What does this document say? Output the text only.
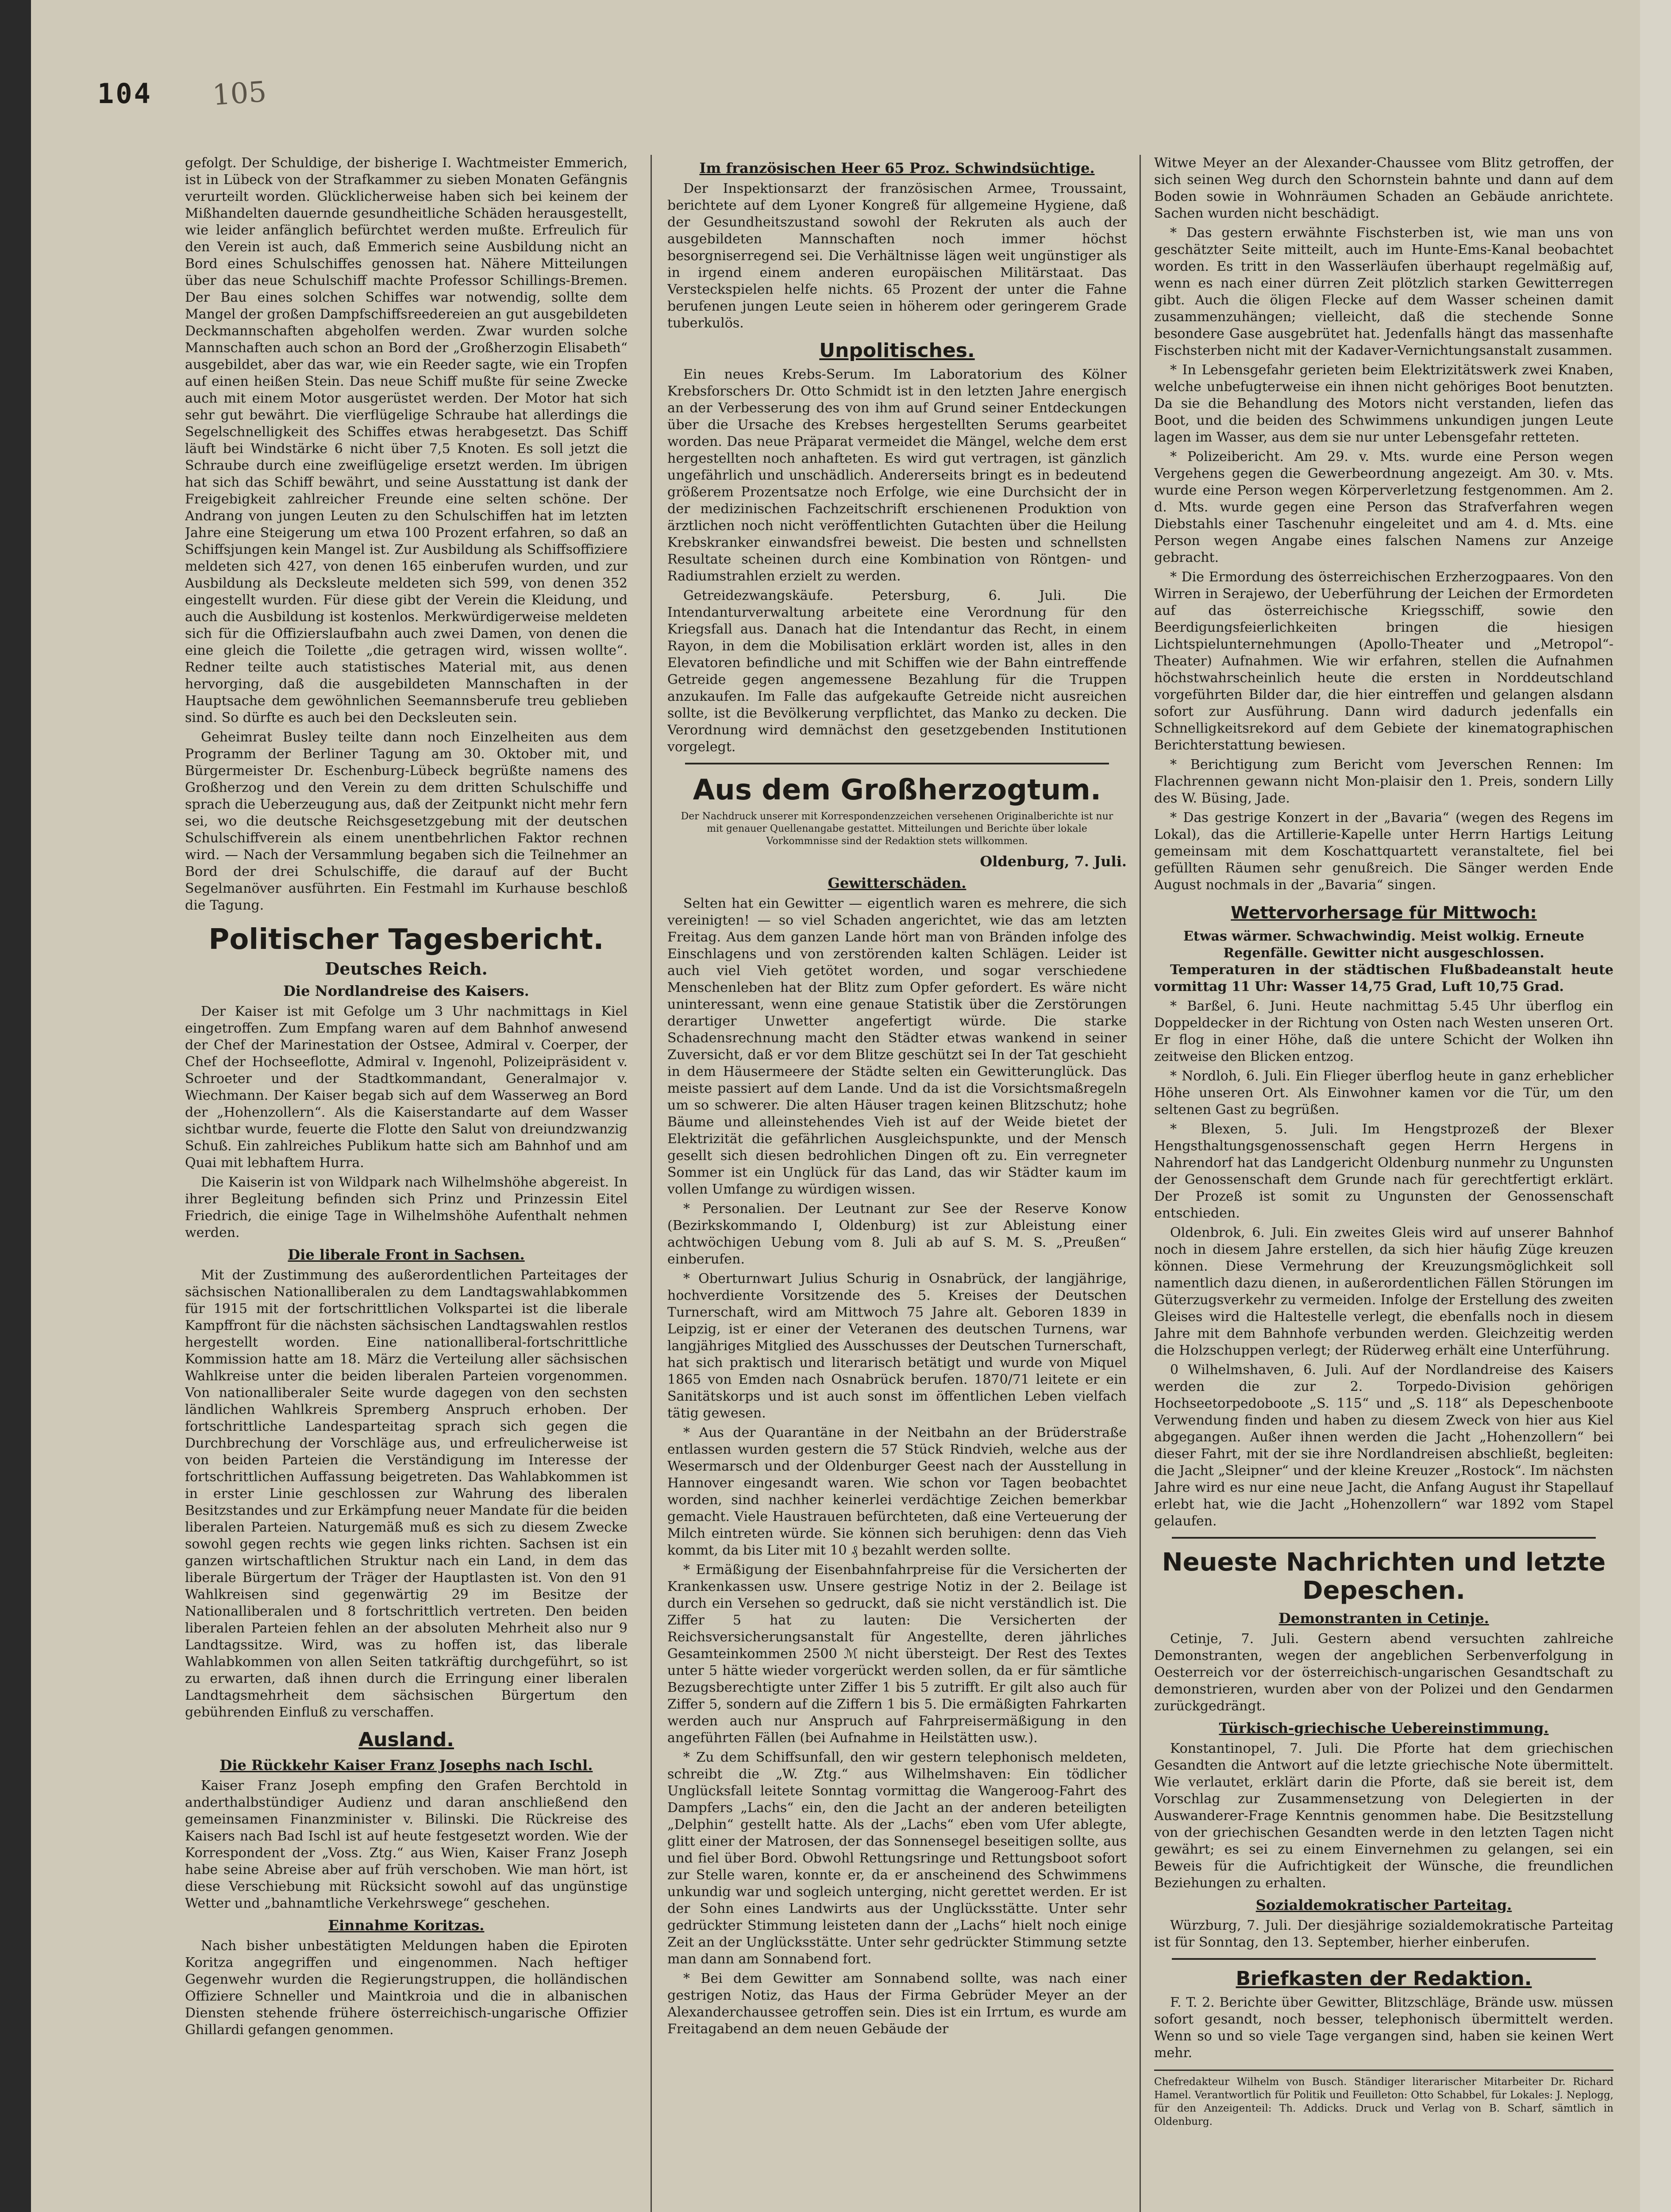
104 105

gefolgt. Der Schuldige, der bisherige I. Wachtmeister Emmerich, ist in Lübeck von der Strafkammer zu sieben Monaten Gefängnis verurteilt worden. Glücklicherweise haben sich bei keinem der Mißhandelten dauernde gesundheitliche Schäden herausgestellt, wie leider anfänglich befürchtet werden mußte. Erfreulich für den Verein ist auch, daß Emmerich seine Ausbildung nicht an Bord eines Schulschiffes genossen hat. Nähere Mitteilungen über das neue Schulschiff machte Professor Schillings-Bremen. Der Bau eines solchen Schiffes war notwendig, sollte dem Mangel der großen Dampfschiffsreedereien an gut ausgebildeten Deckmannschaften abgeholfen werden. Zwar wurden solche Mannschaften auch schon an Bord der „Großherzogin Elisabeth“ ausgebildet, aber das war, wie ein Reeder sagte, wie ein Tropfen auf einen heißen Stein. Das neue Schiff mußte für seine Zwecke auch mit einem Motor ausgerüstet werden. Der Motor hat sich sehr gut bewährt. Die vierflügelige Schraube hat allerdings die Segelschnelligkeit des Schiffes etwas herabgesetzt. Das Schiff läuft bei Windstärke 6 nicht über 7,5 Knoten. Es soll jetzt die Schraube durch eine zweiflügelige ersetzt werden. Im übrigen hat sich das Schiff bewährt, und seine Ausstattung ist dank der Freigebigkeit zahlreicher Freunde eine selten schöne. Der Andrang von jungen Leuten zu den Schulschiffen hat im letzten Jahre eine Steigerung um etwa 100 Prozent erfahren, so daß an Schiffsjungen kein Mangel ist. Zur Ausbildung als Schiffsoffiziere meldeten sich 427, von denen 165 einberufen wurden, und zur Ausbildung als Decksleute meldeten sich 599, von denen 352 eingestellt wurden. Für diese gibt der Verein die Kleidung, und auch die Ausbildung ist kostenlos. Merkwürdigerweise meldeten sich für die Offizierslaufbahn auch zwei Damen, von denen die eine gleich die Toilette „die getragen wird, wissen wollte“. Redner teilte auch statistisches Material mit, aus denen hervorging, daß die ausgebildeten Mannschaften in der Hauptsache dem gewöhnlichen Seemannsberufe treu geblieben sind. So dürfte es auch bei den Decksleuten sein.

Geheimrat Busley teilte dann noch Einzelheiten aus dem Programm der Berliner Tagung am 30. Oktober mit, und Bürgermeister Dr. Eschenburg-Lübeck begrüßte namens des Großherzog und den Verein zu dem dritten Schulschiffe und sprach die Ueberzeugung aus, daß der Zeitpunkt nicht mehr fern sei, wo die deutsche Reichsgesetzgebung mit der deutschen Schulschiffverein als einem unentbehrlichen Faktor rechnen wird. — Nach der Versammlung begaben sich die Teilnehmer an Bord der drei Schulschiffe, die darauf auf der Bucht Segelmanöver ausführten. Ein Festmahl im Kurhause beschloß die Tagung.

Politischer Tagesbericht.
Deutsches Reich.
Die Nordlandreise des Kaisers.

Der Kaiser ist mit Gefolge um 3 Uhr nachmittags in Kiel eingetroffen. Zum Empfang waren auf dem Bahnhof anwesend der Chef der Marinestation der Ostsee, Admiral v. Coerper, der Chef der Hochseeflotte, Admiral v. Ingenohl, Polizeipräsident v. Schroeter und der Stadtkommandant, Generalmajor v. Wiechmann. Der Kaiser begab sich auf dem Wasserweg an Bord der „Hohenzollern“. Als die Kaiserstandarte auf dem Wasser sichtbar wurde, feuerte die Flotte den Salut von dreiundzwanzig Schuß. Ein zahlreiches Publikum hatte sich am Bahnhof und am Quai mit lebhaftem Hurra.

Die Kaiserin ist von Wildpark nach Wilhelmshöhe abgereist. In ihrer Begleitung befinden sich Prinz und Prinzessin Eitel Friedrich, die einige Tage in Wilhelmshöhe Aufenthalt nehmen werden.

Die liberale Front in Sachsen.

Mit der Zustimmung des außerordentlichen Parteitages der sächsischen Nationalliberalen zu dem Landtagswahlabkommen für 1915 mit der fortschrittlichen Volkspartei ist die liberale Kampffront für die nächsten sächsischen Landtagswahlen restlos hergestellt worden. Eine nationalliberal-fortschrittliche Kommission hatte am 18. März die Verteilung aller sächsischen Wahlkreise unter die beiden liberalen Parteien vorgenommen. Von nationalliberaler Seite wurde dagegen von den sechsten ländlichen Wahlkreis Spremberg Anspruch erhoben. Der fortschrittliche Landesparteitag sprach sich gegen die Durchbrechung der Vorschläge aus, und erfreulicherweise ist von beiden Parteien die Verständigung im Interesse der fortschrittlichen Auffassung beigetreten. Das Wahlabkommen ist in erster Linie geschlossen zur Wahrung des liberalen Besitzstandes und zur Erkämpfung neuer Mandate für die beiden liberalen Parteien. Naturgemäß muß es sich zu diesem Zwecke sowohl gegen rechts wie gegen links richten. Sachsen ist ein ganzen wirtschaftlichen Struktur nach ein Land, in dem das liberale Bürgertum der Träger der Hauptlasten ist. Von den 91 Wahlkreisen sind gegenwärtig 29 im Besitze der Nationalliberalen und 8 fortschrittlich vertreten. Den beiden liberalen Parteien fehlen an der absoluten Mehrheit also nur 9 Landtagssitze. Wird, was zu hoffen ist, das liberale Wahlabkommen von allen Seiten tatkräftig durchgeführt, so ist zu erwarten, daß ihnen durch die Erringung einer liberalen Landtagsmehrheit dem sächsischen Bürgertum den gebührenden Einfluß zu verschaffen.

Ausland.
Die Rückkehr Kaiser Franz Josephs nach Ischl.

Kaiser Franz Joseph empfing den Grafen Berchtold in anderthalbstündiger Audienz und daran anschließend den gemeinsamen Finanzminister v. Bilinski. Die Rückreise des Kaisers nach Bad Ischl ist auf heute festgesetzt worden. Wie der Korrespondent der „Voss. Ztg.“ aus Wien, Kaiser Franz Joseph habe seine Abreise aber auf früh verschoben. Wie man hört, ist diese Verschiebung mit Rücksicht sowohl auf das ungünstige Wetter und „bahnamtliche Verkehrswege“ geschehen.

Einnahme Koritzas.

Nach bisher unbestätigten Meldungen haben die Epiroten Koritza angegriffen und eingenommen. Nach heftiger Gegenwehr wurden die Regierungstruppen, die holländischen Offiziere Schneller und Maintkroia und die in albanischen Diensten stehende frühere österreichisch-ungarische Offizier Ghillardi gefangen genommen.

Im französischen Heer 65 Proz. Schwindsüchtige.

Der Inspektionsarzt der französischen Armee, Troussaint, berichtete auf dem Lyoner Kongreß für allgemeine Hygiene, daß der Gesundheitszustand sowohl der Rekruten als auch der ausgebildeten Mannschaften noch immer höchst besorgniserregend sei. Die Verhältnisse lägen weit ungünstiger als in irgend einem anderen europäischen Militärstaat. Das Versteckspielen helfe nichts. 65 Prozent der unter die Fahne berufenen jungen Leute seien in höherem oder geringerem Grade tuberkulös.

Unpolitisches.

Ein neues Krebs-Serum. Im Laboratorium des Kölner Krebsforschers Dr. Otto Schmidt ist in den letzten Jahre energisch an der Verbesserung des von ihm auf Grund seiner Entdeckungen über die Ursache des Krebses hergestellten Serums gearbeitet worden. Das neue Präparat vermeidet die Mängel, welche dem erst hergestellten noch anhafteten. Es wird gut vertragen, ist gänzlich ungefährlich und unschädlich. Andererseits bringt es in bedeutend größerem Prozentsatze noch Erfolge, wie eine Durchsicht der in der medizinischen Fachzeitschrift erschienenen Produktion von ärztlichen noch nicht veröffentlichten Gutachten über die Heilung Krebskranker einwandsfrei beweist. Die besten und schnellsten Resultate scheinen durch eine Kombination von Röntgen- und Radiumstrahlen erzielt zu werden.

Getreidezwangskäufe. Petersburg, 6. Juli. Die Intendanturverwaltung arbeitete eine Verordnung für den Kriegsfall aus. Danach hat die Intendantur das Recht, in einem Rayon, in dem die Mobilisation erklärt worden ist, alles in den Elevatoren befindliche und mit Schiffen wie der Bahn eintreffende Getreide gegen angemessene Bezahlung für die Truppen anzukaufen. Im Falle das aufgekaufte Getreide nicht ausreichen sollte, ist die Bevölkerung verpflichtet, das Manko zu decken. Die Verordnung wird demnächst den gesetzgebenden Institutionen vorgelegt.

Aus dem Großherzogtum.
Der Nachdruck unserer mit Korrespondenzzeichen versehenen Originalberichte ist nur mit genauer Quellenangabe gestattet. Mitteilungen und Berichte über lokale Vorkommnisse sind der Redaktion stets willkommen.
Oldenburg, 7. Juli.
Gewitterschäden.

Selten hat ein Gewitter — eigentlich waren es mehrere, die sich vereinigten! — so viel Schaden angerichtet, wie das am letzten Freitag. Aus dem ganzen Lande hört man von Bränden infolge des Einschlagens und von zerstörenden kalten Schlägen. Leider ist auch viel Vieh getötet worden, und sogar verschiedene Menschenleben hat der Blitz zum Opfer gefordert. Es wäre nicht uninteressant, wenn eine genaue Statistik über die Zerstörungen derartiger Unwetter angefertigt würde. Die starke Schadensrechnung macht den Städter etwas wankend in seiner Zuversicht, daß er vor dem Blitze geschützt sei In der Tat geschieht in dem Häusermeere der Städte selten ein Gewitterunglück. Das meiste passiert auf dem Lande. Und da ist die Vorsichtsmaßregeln um so schwerer. Die alten Häuser tragen keinen Blitzschutz; hohe Bäume und alleinstehendes Vieh ist auf der Weide bietet der Elektrizität die gefährlichen Ausgleichspunkte, und der Mensch gesellt sich diesen bedrohlichen Dingen oft zu. Ein verregneter Sommer ist ein Unglück für das Land, das wir Städter kaum im vollen Umfange zu würdigen wissen.

* Personalien. Der Leutnant zur See der Reserve Konow (Bezirkskommando I, Oldenburg) ist zur Ableistung einer achtwöchigen Uebung vom 8. Juli ab auf S. M. S. „Preußen“ einberufen.

* Oberturnwart Julius Schurig in Osnabrück, der langjährige, hochverdiente Vorsitzende des 5. Kreises der Deutschen Turnerschaft, wird am Mittwoch 75 Jahre alt. Geboren 1839 in Leipzig, ist er einer der Veteranen des deutschen Turnens, war langjähriges Mitglied des Ausschusses der Deutschen Turnerschaft, hat sich praktisch und literarisch betätigt und wurde von Miquel 1865 von Emden nach Osnabrück berufen. 1870/71 leitete er ein Sanitätskorps und ist auch sonst im öffentlichen Leben vielfach tätig gewesen.

* Aus der Quarantäne in der Neitbahn an der Brüderstraße entlassen wurden gestern die 57 Stück Rindvieh, welche aus der Wesermarsch und der Oldenburger Geest nach der Ausstellung in Hannover eingesandt waren. Wie schon vor Tagen beobachtet worden, sind nachher keinerlei verdächtige Zeichen bemerkbar gemacht. Viele Haustrauen befürchteten, daß eine Verteuerung der Milch eintreten würde. Sie können sich beruhigen: denn das Vieh kommt, da bis Liter mit 10 ₰ bezahlt werden sollte.

* Ermäßigung der Eisenbahnfahrpreise für die Versicherten der Krankenkassen usw. Unsere gestrige Notiz in der 2. Beilage ist durch ein Versehen so gedruckt, daß sie nicht verständlich ist. Die Ziffer 5 hat zu lauten: Die Versicherten der Reichsversicherungsanstalt für Angestellte, deren jährliches Gesamteinkommen 2500 ℳ nicht übersteigt. Der Rest des Textes unter 5 hätte wieder vorgerückt werden sollen, da er für sämtliche Bezugsberechtigte unter Ziffer 1 bis 5 zutrifft. Er gilt also auch für Ziffer 5, sondern auf die Ziffern 1 bis 5. Die ermäßigten Fahrkarten werden auch nur Anspruch auf Fahrpreisermäßigung in den angeführten Fällen (bei Aufnahme in Heilstätten usw.).

* Zu dem Schiffsunfall, den wir gestern telephonisch meldeten, schreibt die „W. Ztg.“ aus Wilhelmshaven: Ein tödlicher Unglücksfall leitete Sonntag vormittag die Wangeroog-Fahrt des Dampfers „Lachs“ ein, den die Jacht an der anderen beteiligten „Delphin“ gestellt hatte. Als der „Lachs“ eben vom Ufer ablegte, glitt einer der Matrosen, der das Sonnensegel beseitigen sollte, aus und fiel über Bord. Obwohl Rettungsringe und Rettungsboot sofort zur Stelle waren, konnte er, da er anscheinend des Schwimmens unkundig war und sogleich unterging, nicht gerettet werden. Er ist der Sohn eines Landwirts aus der Unglücksstätte. Unter sehr gedrückter Stimmung leisteten dann der „Lachs“ hielt noch einige Zeit an der Unglücksstätte. Unter sehr gedrückter Stimmung setzte man dann am Sonnabend fort.

* Bei dem Gewitter am Sonnabend sollte, was nach einer gestrigen Notiz, das Haus der Firma Gebrüder Meyer an der Alexanderchaussee getroffen sein. Dies ist ein Irrtum, es wurde am Freitagabend an dem neuen Gebäude der

Witwe Meyer an der Alexander-Chaussee vom Blitz getroffen, der sich seinen Weg durch den Schornstein bahnte und dann auf dem Boden sowie in Wohnräumen Schaden an Gebäude anrichtete. Sachen wurden nicht beschädigt.

* Das gestern erwähnte Fischsterben ist, wie man uns von geschätzter Seite mitteilt, auch im Hunte-Ems-Kanal beobachtet worden. Es tritt in den Wasserläufen überhaupt regelmäßig auf, wenn es nach einer dürren Zeit plötzlich starken Gewitterregen gibt. Auch die öligen Flecke auf dem Wasser scheinen damit zusammenzuhängen; vielleicht, daß die stechende Sonne besondere Gase ausgebrütet hat. Jedenfalls hängt das massenhafte Fischsterben nicht mit der Kadaver-Vernichtungsanstalt zusammen.

* In Lebensgefahr gerieten beim Elektrizitätswerk zwei Knaben, welche unbefugterweise ein ihnen nicht gehöriges Boot benutzten. Da sie die Behandlung des Motors nicht verstanden, liefen das Boot, und die beiden des Schwimmens unkundigen jungen Leute lagen im Wasser, aus dem sie nur unter Lebensgefahr retteten.

* Polizeibericht. Am 29. v. Mts. wurde eine Person wegen Vergehens gegen die Gewerbeordnung angezeigt. Am 30. v. Mts. wurde eine Person wegen Körperverletzung festgenommen. Am 2. d. Mts. wurde gegen eine Person das Strafverfahren wegen Diebstahls einer Taschenuhr eingeleitet und am 4. d. Mts. eine Person wegen Angabe eines falschen Namens zur Anzeige gebracht.

* Die Ermordung des österreichischen Erzherzogpaares. Von den Wirren in Serajewo, der Ueberführung der Leichen der Ermordeten auf das österreichische Kriegsschiff, sowie den Beerdigungsfeierlichkeiten bringen die hiesigen Lichtspielunternehmungen (Apollo-Theater und „Metropol“-Theater) Aufnahmen. Wie wir erfahren, stellen die Aufnahmen höchstwahrscheinlich heute die ersten in Norddeutschland vorgeführten Bilder dar, die hier eintreffen und gelangen alsdann sofort zur Ausführung. Dann wird dadurch jedenfalls ein Schnelligkeitsrekord auf dem Gebiete der kinematographischen Berichterstattung bewiesen.

* Berichtigung zum Bericht vom Jeverschen Rennen: Im Flachrennen gewann nicht Mon-plaisir den 1. Preis, sondern Lilly des W. Büsing, Jade.

* Das gestrige Konzert in der „Bavaria“ (wegen des Regens im Lokal), das die Artillerie-Kapelle unter Herrn Hartigs Leitung gemeinsam mit dem Koschattquartett veranstaltete, fiel bei gefüllten Räumen sehr genußreich. Die Sänger werden Ende August nochmals in der „Bavaria“ singen.

Wettervorhersage für Mittwoch:
Etwas wärmer. Schwachwindig. Meist wolkig. Erneute Regenfälle. Gewitter nicht ausgeschlossen.

Temperaturen in der städtischen Flußbadeanstalt heute vormittag 11 Uhr: Wasser 14,75 Grad, Luft 10,75 Grad.

* Barßel, 6. Juni. Heute nachmittag 5.45 Uhr überflog ein Doppeldecker in der Richtung von Osten nach Westen unseren Ort. Er flog in einer Höhe, daß die untere Schicht der Wolken ihn zeitweise den Blicken entzog.

* Nordloh, 6. Juli. Ein Flieger überflog heute in ganz erheblicher Höhe unseren Ort. Als Einwohner kamen vor die Tür, um den seltenen Gast zu begrüßen.

* Blexen, 5. Juli. Im Hengstprozeß der Blexer Hengsthaltungsgenossenschaft gegen Herrn Hergens in Nahrendorf hat das Landgericht Oldenburg nunmehr zu Ungunsten der Genossenschaft dem Grunde nach für gerechtfertigt erklärt. Der Prozeß ist somit zu Ungunsten der Genossenschaft entschieden.

Oldenbrok, 6. Juli. Ein zweites Gleis wird auf unserer Bahnhof noch in diesem Jahre erstellen, da sich hier häufig Züge kreuzen können. Diese Vermehrung der Kreuzungsmöglichkeit soll namentlich dazu dienen, in außerordentlichen Fällen Störungen im Güterzugsverkehr zu vermeiden. Infolge der Erstellung des zweiten Gleises wird die Haltestelle verlegt, die ebenfalls noch in diesem Jahre mit dem Bahnhofe verbunden werden. Gleichzeitig werden die Holzschuppen verlegt; der Rüderweg erhält eine Unterführung.

0 Wilhelmshaven, 6. Juli. Auf der Nordlandreise des Kaisers werden die zur 2. Torpedo-Division gehörigen Hochseetorpedoboote „S. 115“ und „S. 118“ als Depeschenboote Verwendung finden und haben zu diesem Zweck von hier aus Kiel abgegangen. Außer ihnen werden die Jacht „Hohenzollern“ bei dieser Fahrt, mit der sie ihre Nordlandreisen abschließt, begleiten: die Jacht „Sleipner“ und der kleine Kreuzer „Rostock“. Im nächsten Jahre wird es nur eine neue Jacht, die Anfang August ihr Stapellauf erlebt hat, wie die Jacht „Hohenzollern“ war 1892 vom Stapel gelaufen.

Neueste Nachrichten und letzte Depeschen.
Demonstranten in Cetinje.

Cetinje, 7. Juli. Gestern abend versuchten zahlreiche Demonstranten, wegen der angeblichen Serbenverfolgung in Oesterreich vor der österreichisch-ungarischen Gesandtschaft zu demonstrieren, wurden aber von der Polizei und den Gendarmen zurückgedrängt.

Türkisch-griechische Uebereinstimmung.

Konstantinopel, 7. Juli. Die Pforte hat dem griechischen Gesandten die Antwort auf die letzte griechische Note übermittelt. Wie verlautet, erklärt darin die Pforte, daß sie bereit ist, dem Vorschlag zur Zusammensetzung von Delegierten in der Auswanderer-Frage Kenntnis genommen habe. Die Besitzstellung von der griechischen Gesandten werde in den letzten Tagen nicht gewährt; es sei zu einem Einvernehmen zu gelangen, sei ein Beweis für die Aufrichtigkeit der Wünsche, die freundlichen Beziehungen zu erhalten.

Sozialdemokratischer Parteitag.

Würzburg, 7. Juli. Der diesjährige sozialdemokratische Parteitag ist für Sonntag, den 13. September, hierher einberufen.

Briefkasten der Redaktion.

F. T. 2. Berichte über Gewitter, Blitzschläge, Brände usw. müssen sofort gesandt, noch besser, telephonisch übermittelt werden. Wenn so und so viele Tage vergangen sind, haben sie keinen Wert mehr.

Chefredakteur Wilhelm von Busch. Ständiger literarischer Mitarbeiter Dr. Richard Hamel. Verantwortlich für Politik und Feuilleton: Otto Schabbel, für Lokales: J. Neplogg, für den Anzeigenteil: Th. Addicks. Druck und Verlag von B. Scharf, sämtlich in Oldenburg.
